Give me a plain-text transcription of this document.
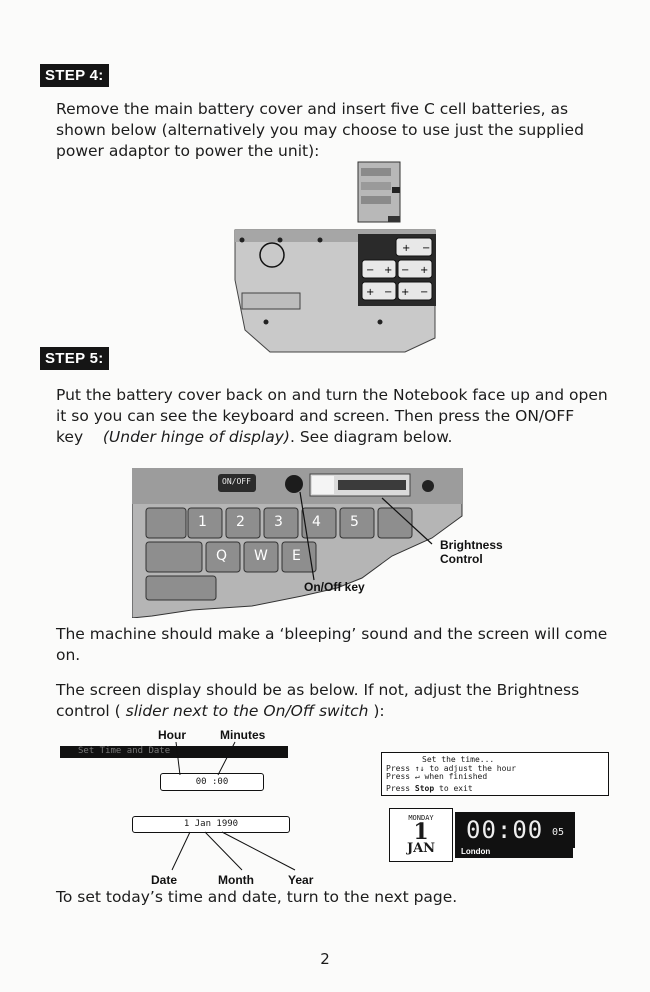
STEP 4:
Remove the main battery cover and insert five C cell batteries, as shown below (alternatively you may choose to use just the supplied power adaptor to power the unit):
+ −
− + − +
+ − + −
STEP 5:
Put the battery cover back on and turn the Notebook face up and open it so you can see the keyboard and screen. Then press the ON/OFF key (Under hinge of display). See diagram below.
ON/OFF
1 2 3 4 5
Q W E
On/Off key
Brightness
Control
The machine should make a ‘bleeping’ sound and the screen will come on.
The screen display should be as below. If not, adjust the Brightness control ( slider next to the On/Off switch ):
Hour	Minutes
Set Time and Date
00 :00
1 Jan 1990
Date	Month	Year
Set the time...
Press ↑↓ to adjust the hour
Press ↵ when finished
Press Stop to exit
MONDAY
1
JAN
00:00 05
London
To set today’s time and date, turn to the next page.
2
